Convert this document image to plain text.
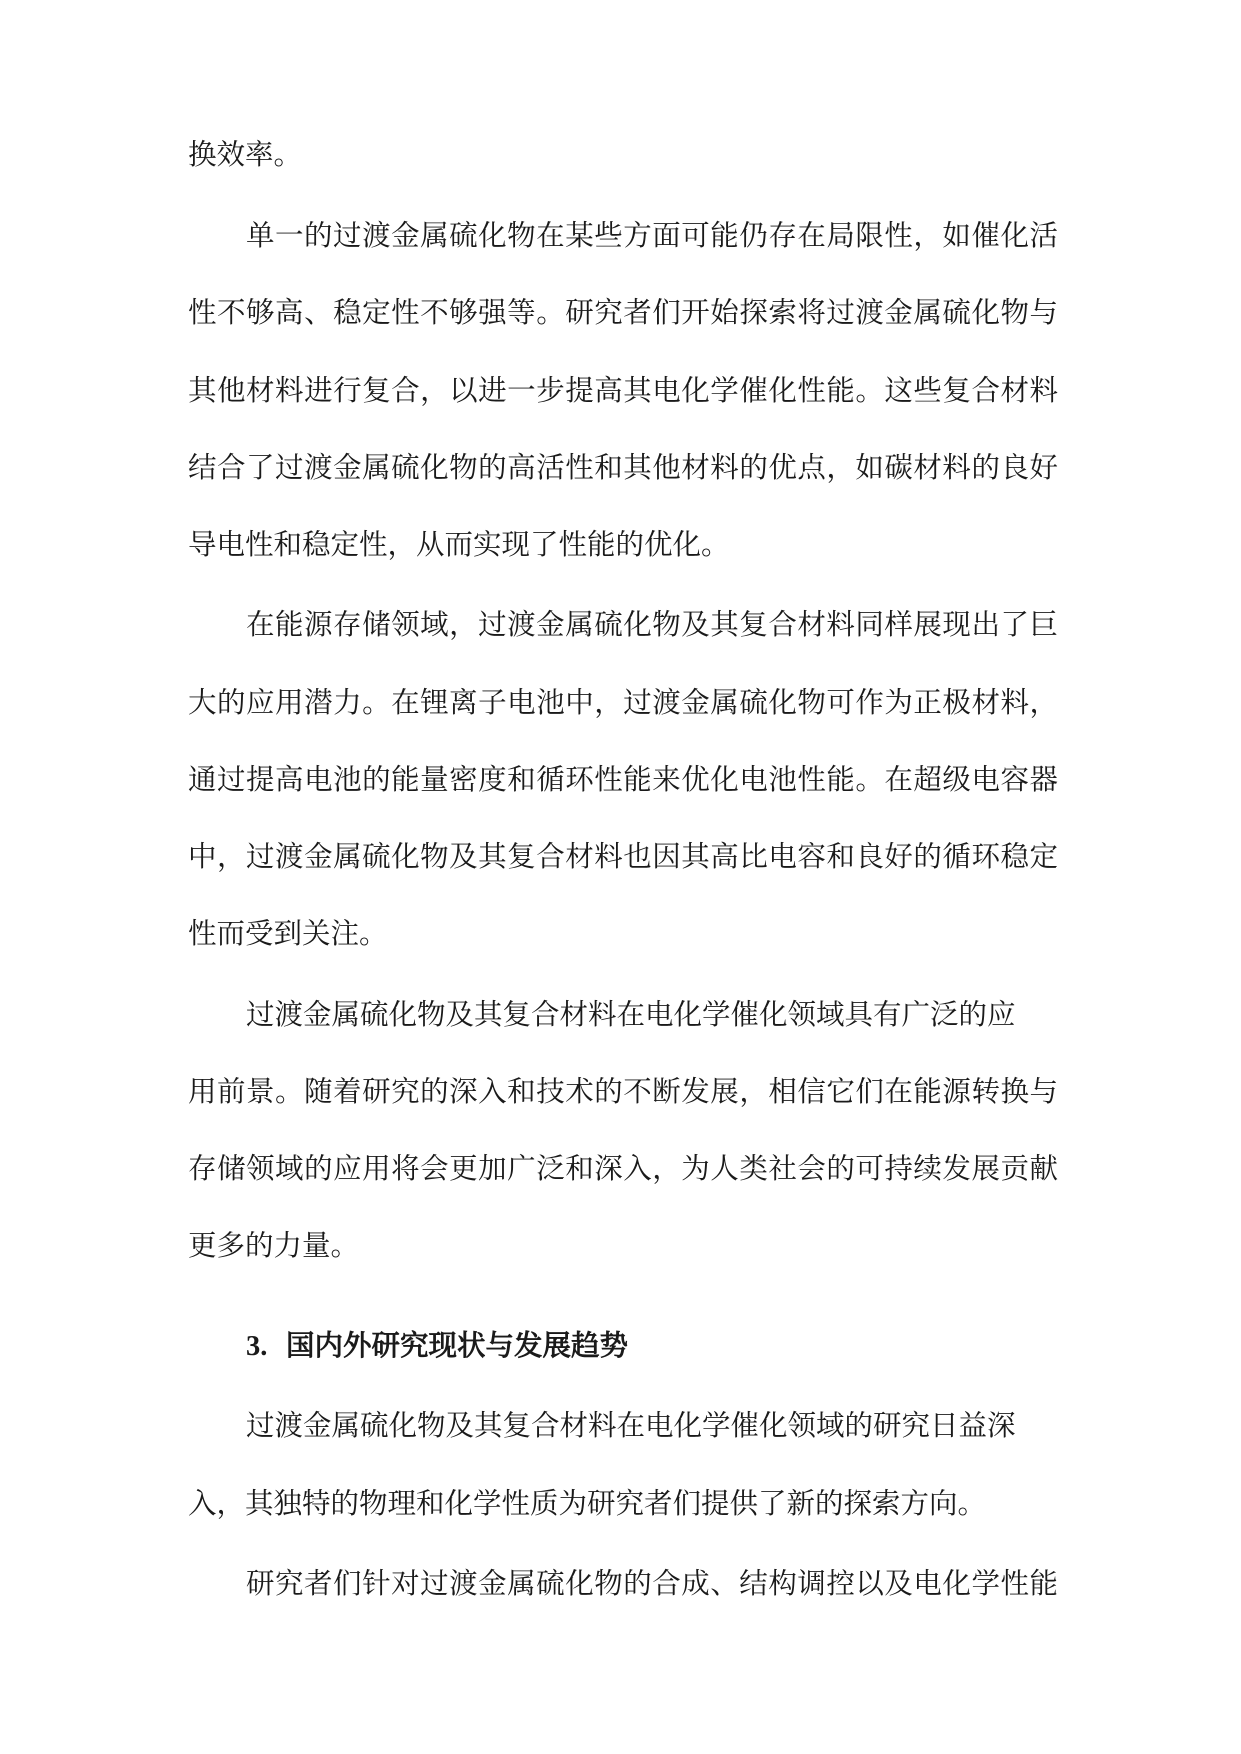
换效率。
单一的过渡金属硫化物在某些方面可能仍存在局限性，如催化活
性不够高、稳定性不够强等。研究者们开始探索将过渡金属硫化物与
其他材料进行复合，以进一步提高其电化学催化性能。这些复合材料
结合了过渡金属硫化物的高活性和其他材料的优点，如碳材料的良好
导电性和稳定性，从而实现了性能的优化。
在能源存储领域，过渡金属硫化物及其复合材料同样展现出了巨
大的应用潜力。在锂离子电池中，过渡金属硫化物可作为正极材料，
通过提高电池的能量密度和循环性能来优化电池性能。在超级电容器
中，过渡金属硫化物及其复合材料也因其高比电容和良好的循环稳定
性而受到关注。
过渡金属硫化物及其复合材料在电化学催化领域具有广泛的应
用前景。随着研究的深入和技术的不断发展，相信它们在能源转换与
存储领域的应用将会更加广泛和深入，为人类社会的可持续发展贡献
更多的力量。
3. 国内外研究现状与发展趋势
过渡金属硫化物及其复合材料在电化学催化领域的研究日益深
入，其独特的物理和化学性质为研究者们提供了新的探索方向。
研究者们针对过渡金属硫化物的合成、结构调控以及电化学性能
